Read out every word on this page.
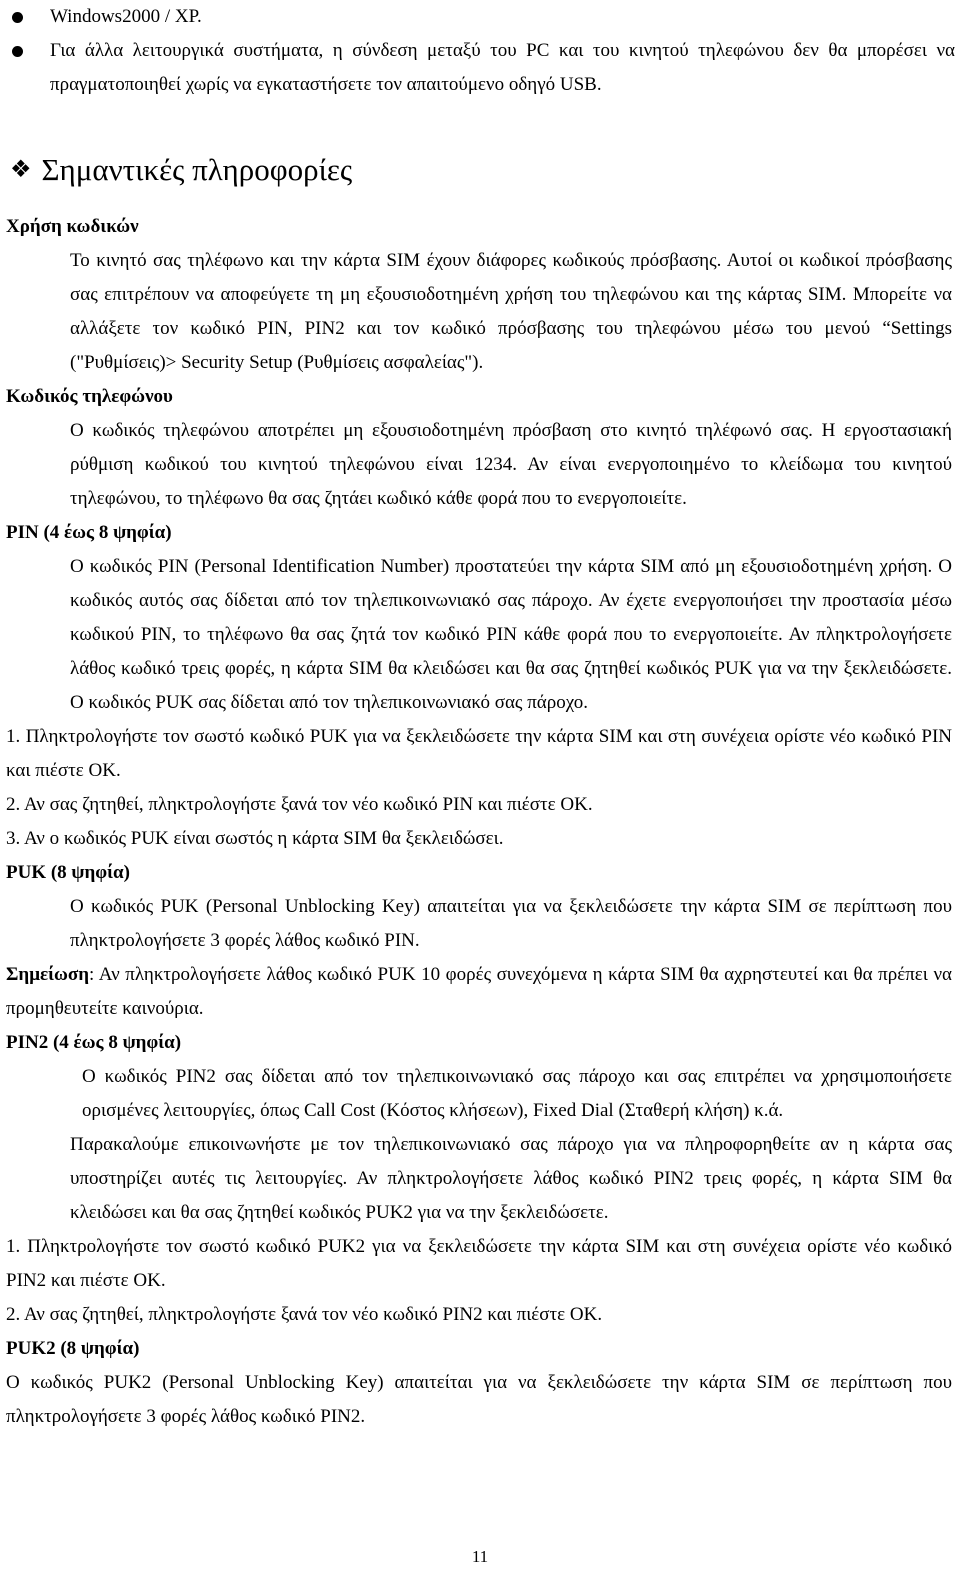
Windows2000 / XP.

Για άλλα λειτουργικά συστήματα, η σύνδεση μεταξύ του PC και του κινητού τηλεφώνου δεν θα μπορέσει να πραγματοποιηθεί χωρίς να εγκαταστήσετε τον απαιτούμενο οδηγό USB.

❖ Σημαντικές πληροφορίες

Χρήση κωδικών

Το κινητό σας τηλέφωνο και την κάρτα SIM έχουν διάφορες κωδικούς πρόσβασης. Αυτοί οι κωδικοί πρόσβασης σας επιτρέπουν να αποφεύγετε τη μη εξουσιοδοτημένη χρήση του τηλεφώνου και της κάρτας SIM. Μπορείτε να αλλάξετε τον κωδικό PIN, PIN2 και τον κωδικό πρόσβασης του τηλεφώνου μέσω του μενού “Settings ("Ρυθμίσεις)> Security Setup (Ρυθμίσεις ασφαλείας").

Κωδικός τηλεφώνου

Ο κωδικός τηλεφώνου αποτρέπει μη εξουσιοδοτημένη πρόσβαση στο κινητό τηλέφωνό σας. Η εργοστασιακή ρύθμιση κωδικού του κινητού τηλεφώνου είναι 1234. Αν είναι ενεργοποιημένο το κλείδωμα του κινητού τηλεφώνου, το τηλέφωνο θα σας ζητάει κωδικό κάθε φορά που το ενεργοποιείτε.

PIN (4 έως 8 ψηφία)

Ο κωδικός PIN (Personal Identification Number) προστατεύει την κάρτα SIM από μη εξουσιοδοτημένη χρήση. Ο κωδικός αυτός σας δίδεται από τον τηλεπικοινωνιακό σας πάροχο. Αν έχετε ενεργοποιήσει την προστασία μέσω κωδικού PIN, το τηλέφωνο θα σας ζητά τον κωδικό PIN κάθε φορά που το ενεργοποιείτε. Αν πληκτρολογήσετε λάθος κωδικό τρεις φορές, η κάρτα SIM θα κλειδώσει και θα σας ζητηθεί κωδικός PUK για να την ξεκλειδώσετε. Ο κωδικός PUK σας δίδεται από τον τηλεπικοινωνιακό σας πάροχο.

1. Πληκτρολογήστε τον σωστό κωδικό PUK για να ξεκλειδώσετε την κάρτα SIM και στη συνέχεια ορίστε νέο κωδικό PIN και πιέστε OK.

2. Αν σας ζητηθεί, πληκτρολογήστε ξανά τον νέο κωδικό PIN και πιέστε OK.

3. Αν ο κωδικός PUK είναι σωστός η κάρτα SIM θα ξεκλειδώσει.

PUK (8 ψηφία)

Ο κωδικός PUK (Personal Unblocking Key) απαιτείται για να ξεκλειδώσετε την κάρτα SIM σε περίπτωση που πληκτρολογήσετε 3 φορές λάθος κωδικό PIN.

Σημείωση: Αν πληκτρολογήσετε λάθος κωδικό PUK 10 φορές συνεχόμενα η κάρτα SIM θα αχρηστευτεί και θα πρέπει να προμηθευτείτε καινούρια.

PIN2 (4 έως 8 ψηφία)

Ο κωδικός PIN2 σας δίδεται από τον τηλεπικοινωνιακό σας πάροχο και σας επιτρέπει να χρησιμοποιήσετε ορισμένες λειτουργίες, όπως Call Cost (Κόστος κλήσεων), Fixed Dial (Σταθερή κλήση) κ.ά.

Παρακαλούμε επικοινωνήστε με τον τηλεπικοινωνιακό σας πάροχο για να πληροφορηθείτε αν η κάρτα σας υποστηρίζει αυτές τις λειτουργίες. Αν πληκτρολογήσετε λάθος κωδικό PIN2 τρεις φορές, η κάρτα SIM θα κλειδώσει και θα σας ζητηθεί κωδικός PUK2 για να την ξεκλειδώσετε.

1. Πληκτρολογήστε τον σωστό κωδικό PUK2 για να ξεκλειδώσετε την κάρτα SIM και στη συνέχεια ορίστε νέο κωδικό PIN2 και πιέστε OK.

2. Αν σας ζητηθεί, πληκτρολογήστε ξανά τον νέο κωδικό PIN2 και πιέστε OK.

PUK2 (8 ψηφία)

Ο κωδικός PUK2 (Personal Unblocking Key) απαιτείται για να ξεκλειδώσετε την κάρτα SIM σε περίπτωση που πληκτρολογήσετε 3 φορές λάθος κωδικό PIN2.

11
